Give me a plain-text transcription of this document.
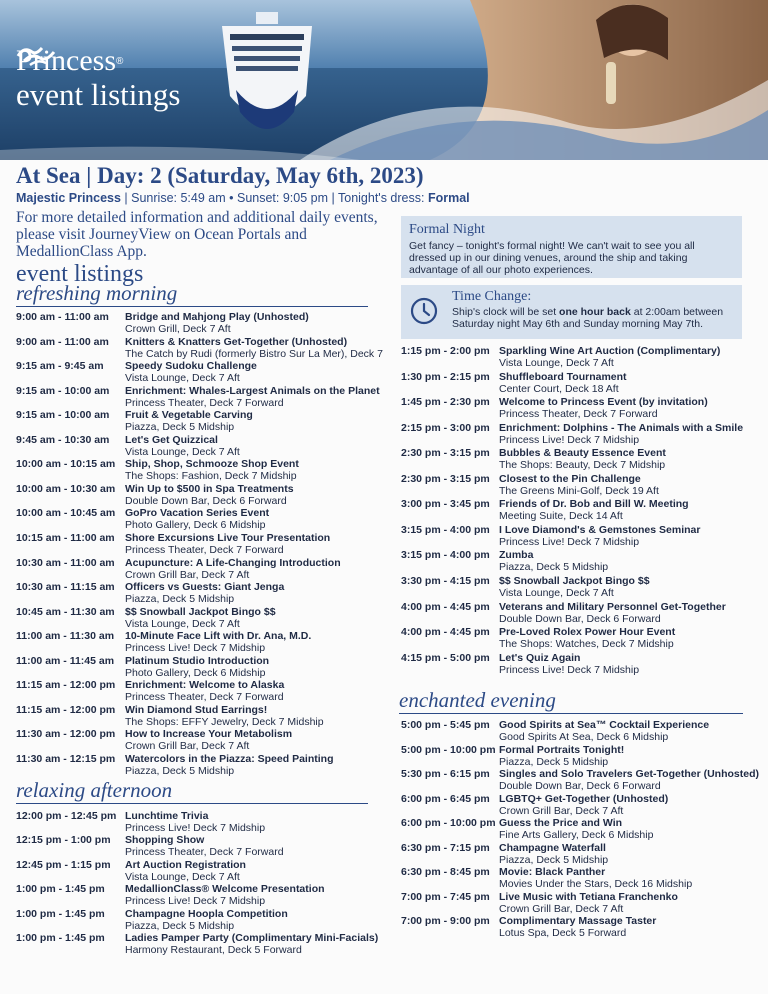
Princess ®
event listings
At Sea | Day: 2 (Saturday, May 6th, 2023)
Majestic Princess | Sunrise: 5:49 am • Sunset: 9:05 pm | Tonight's dress: Formal
For more detailed information and additional daily events, please visit JourneyView on Ocean Portals and MedallionClass App.
Formal Night
Get fancy – tonight's formal night! We can't wait to see you all dressed up in our dining venues, around the ship and taking advantage of all our photo experiences.
Time Change:
Ship's clock will be set one hour back at 2:00am between Saturday night May 6th and Sunday morning May 7th.
event listings
refreshing morning
relaxing afternoon
enchanted evening
9:00 am - 11:00 am Bridge and Mahjong Play (Unhosted)
Crown Grill, Deck 7 Aft
9:00 am - 11:00 am Knitters & Knatters Get-Together (Unhosted)
The Catch by Rudi (formerly Bistro Sur La Mer), Deck 7
9:15 am - 9:45 am Speedy Sudoku Challenge
Vista Lounge, Deck 7 Aft
9:15 am - 10:00 am Enrichment: Whales-Largest Animals on the Planet
Princess Theater, Deck 7 Forward
9:15 am - 10:00 am Fruit & Vegetable Carving
Piazza, Deck 5 Midship
9:45 am - 10:30 am Let's Get Quizzical
Vista Lounge, Deck 7 Aft
10:00 am - 10:15 am Ship, Shop, Schmooze Shop Event
The Shops: Fashion, Deck 7 Midship
10:00 am - 10:30 am Win Up to $500 in Spa Treatments
Double Down Bar, Deck 6 Forward
10:00 am - 10:45 am GoPro Vacation Series Event
Photo Gallery, Deck 6 Midship
10:15 am - 11:00 am Shore Excursions Live Tour Presentation
Princess Theater, Deck 7 Forward
10:30 am - 11:00 am Acupuncture: A Life-Changing Introduction
Crown Grill Bar, Deck 7 Aft
10:30 am - 11:15 am Officers vs Guests: Giant Jenga
Piazza, Deck 5 Midship
10:45 am - 11:30 am $$ Snowball Jackpot Bingo $$
Vista Lounge, Deck 7 Aft
11:00 am - 11:30 am 10-Minute Face Lift with Dr. Ana, M.D.
Princess Live! Deck 7 Midship
11:00 am - 11:45 am Platinum Studio Introduction
Photo Gallery, Deck 6 Midship
11:15 am - 12:00 pm Enrichment: Welcome to Alaska
Princess Theater, Deck 7 Forward
11:15 am - 12:00 pm Win Diamond Stud Earrings!
The Shops: EFFY Jewelry, Deck 7 Midship
11:30 am - 12:00 pm How to Increase Your Metabolism
Crown Grill Bar, Deck 7 Aft
11:30 am - 12:15 pm Watercolors in the Piazza: Speed Painting
Piazza, Deck 5 Midship
12:00 pm - 12:45 pm Lunchtime Trivia
Princess Live! Deck 7 Midship
12:15 pm - 1:00 pm Shopping Show
Princess Theater, Deck 7 Forward
12:45 pm - 1:15 pm Art Auction Registration
Vista Lounge, Deck 7 Aft
1:00 pm - 1:45 pm MedallionClass® Welcome Presentation
Princess Live! Deck 7 Midship
1:00 pm - 1:45 pm Champagne Hoopla Competition
Piazza, Deck 5 Midship
1:00 pm - 1:45 pm Ladies Pamper Party (Complimentary Mini-Facials)
Harmony Restaurant, Deck 5 Forward
1:15 pm - 2:00 pm Sparkling Wine Art Auction (Complimentary)
Vista Lounge, Deck 7 Aft
1:30 pm - 2:15 pm Shuffleboard Tournament
Center Court, Deck 18 Aft
1:45 pm - 2:30 pm Welcome to Princess Event (by invitation)
Princess Theater, Deck 7 Forward
2:15 pm - 3:00 pm Enrichment: Dolphins - The Animals with a Smile
Princess Live! Deck 7 Midship
2:30 pm - 3:15 pm Bubbles & Beauty Essence Event
The Shops: Beauty, Deck 7 Midship
2:30 pm - 3:15 pm Closest to the Pin Challenge
The Greens Mini-Golf, Deck 19 Aft
3:00 pm - 3:45 pm Friends of Dr. Bob and Bill W. Meeting
Meeting Suite, Deck 14 Aft
3:15 pm - 4:00 pm I Love Diamond's & Gemstones Seminar
Princess Live! Deck 7 Midship
3:15 pm - 4:00 pm Zumba
Piazza, Deck 5 Midship
3:30 pm - 4:15 pm $$ Snowball Jackpot Bingo $$
Vista Lounge, Deck 7 Aft
4:00 pm - 4:45 pm Veterans and Military Personnel Get-Together
Double Down Bar, Deck 6 Forward
4:00 pm - 4:45 pm Pre-Loved Rolex Power Hour Event
The Shops: Watches, Deck 7 Midship
4:15 pm - 5:00 pm Let's Quiz Again
Princess Live! Deck 7 Midship
5:00 pm - 5:45 pm Good Spirits at Sea™ Cocktail Experience
Good Spirits At Sea, Deck 6 Midship
5:00 pm - 10:00 pm Formal Portraits Tonight!
Piazza, Deck 5 Midship
5:30 pm - 6:15 pm Singles and Solo Travelers Get-Together (Unhosted)
Double Down Bar, Deck 6 Forward
6:00 pm - 6:45 pm LGBTQ+ Get-Together (Unhosted)
Crown Grill Bar, Deck 7 Aft
6:00 pm - 10:00 pm Guess the Price and Win
Fine Arts Gallery, Deck 6 Midship
6:30 pm - 7:15 pm Champagne Waterfall
Piazza, Deck 5 Midship
6:30 pm - 8:45 pm Movie: Black Panther
Movies Under the Stars, Deck 16 Midship
7:00 pm - 7:45 pm Live Music with Tetiana Franchenko
Crown Grill Bar, Deck 7 Aft
7:00 pm - 9:00 pm Complimentary Massage Taster
Lotus Spa, Deck 5 Forward
